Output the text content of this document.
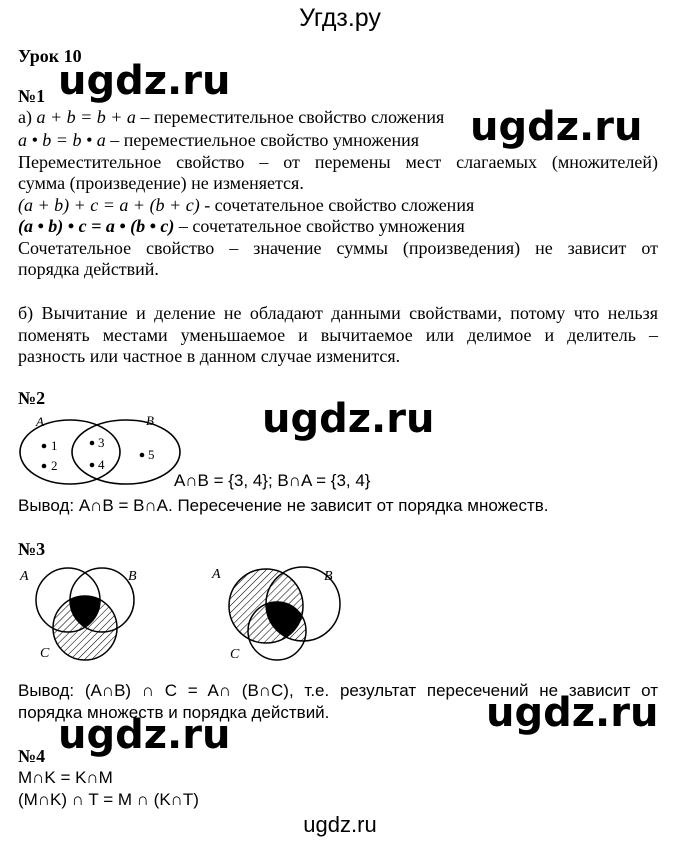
Угдз.ру
ugdz.ru
ugdz.ru
ugdz.ru
ugdz.ru
ugdz.ru
Урок 10
№1
а) a + b = b + a – переместительное свойство сложения
a • b = b • a – переместиельное свойство умножения
Переместительное свойство – от перемены мест слагаемых (множителей)
сумма (произведение) не изменяется.
(a + b) + c = a + (b + c) - сочетательное свойство сложения
(a • b) • c = a • (b • c) – сочетательное свойство умножения
Сочетательное свойство – значение суммы (произведения) не зависит от
порядка действий.
б) Вычитание и деление не обладают данными свойствами, потому что нельзя
поменять местами уменьшаемое и вычитаемое или делимое и делитель –
разность или частное в данном случае изменится.
№2
A	B
1
2
3
4
5
A∩B = {3, 4}; B∩A = {3, 4}
Вывод: A∩B = B∩A. Пересечение не зависит от порядка множеств.
№3
A	B
C
A	B
C
Вывод: (A∩B) ∩ C = A∩ (B∩C), т.е. результат пересечений не зависит от
порядка множеств и порядка действий.
№4
M∩K = K∩M
(M∩K) ∩ T = M ∩ (K∩T)
ugdz.ru
